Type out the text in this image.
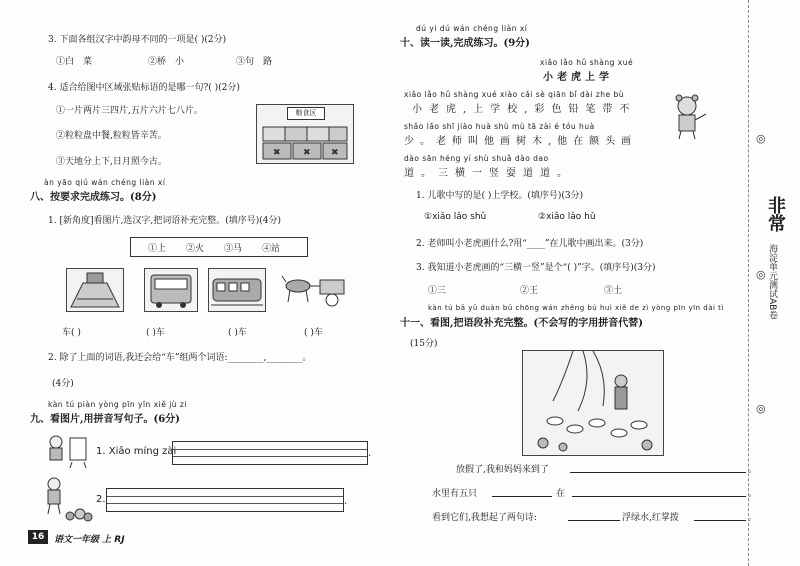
3. 下面各组汉字中韵母不同的一项是( )(2分)
①白　菜	②桥　小	③句　路
4. 适合给图中区域张贴标语的是哪一句?( )(2分)
①一片两片三四片,五片六片七八片。
②粒粒盘中餐,粒粒皆辛苦。
③天地分上下,日月照今古。
粮食区
✖ ✖ ✖
àn yāo qiú wán chéng liàn xí
八、按要求完成练习。(8分)
1. [新角度]看图片,选汉字,把词语补充完整。(填序号)(4分)
①上 ②火 ③马 ④站
车( )	( )车	( )车	( )车
2. 除了上面的词语,我还会给“车”组两个词语:________,________。
(4分)
kàn tú piàn yòng pīn yīn xiě jù zi
九、看图片,用拼音写句子。(6分)
1. Xiǎo míng zài	.
2.	.
16	语文一年级 上 RJ
dú yi dú wán chéng liàn xí
十、读一读,完成练习。(9分)
xiǎo lǎo hǔ shàng xué
小老虎上学
xiǎo lǎo hǔ shàng xué xiào cǎi sè qiān bǐ dài zhe bù
小老虎,上学校,彩色铅笔带不
shǎo lǎo shī jiào huà shù mù tā zài é tóu huà
少。老师叫他画树木,他在额头画
dào sān héng yí shù shuǎ dào dao
道。三横一竖耍道道。
1. 儿歌中写的是( )上学校。(填序号)(3分)
①xiǎo lǎo shǔ	②xiǎo lǎo hǔ
2. 老师叫小老虎画什么?用“____”在儿歌中画出来。(3分)
3. 我知道小老虎画的“三横一竖”是个“( )”字。(填序号)(3分)
①三	②王	③土
kàn tú bǎ yǔ duàn bǔ chōng wán zhěng bú huì xiě de zì yòng pīn yīn dài tì
十一、看图,把语段补充完整。(不会写的字用拼音代替)
(15分)
放假了,我和妈妈来到了	。
水里有五只	在	。
看到它们,我想起了两句诗:	浮绿水,红掌拨	。
◎
非常
海淀单元测试AB卷
◎
◎
